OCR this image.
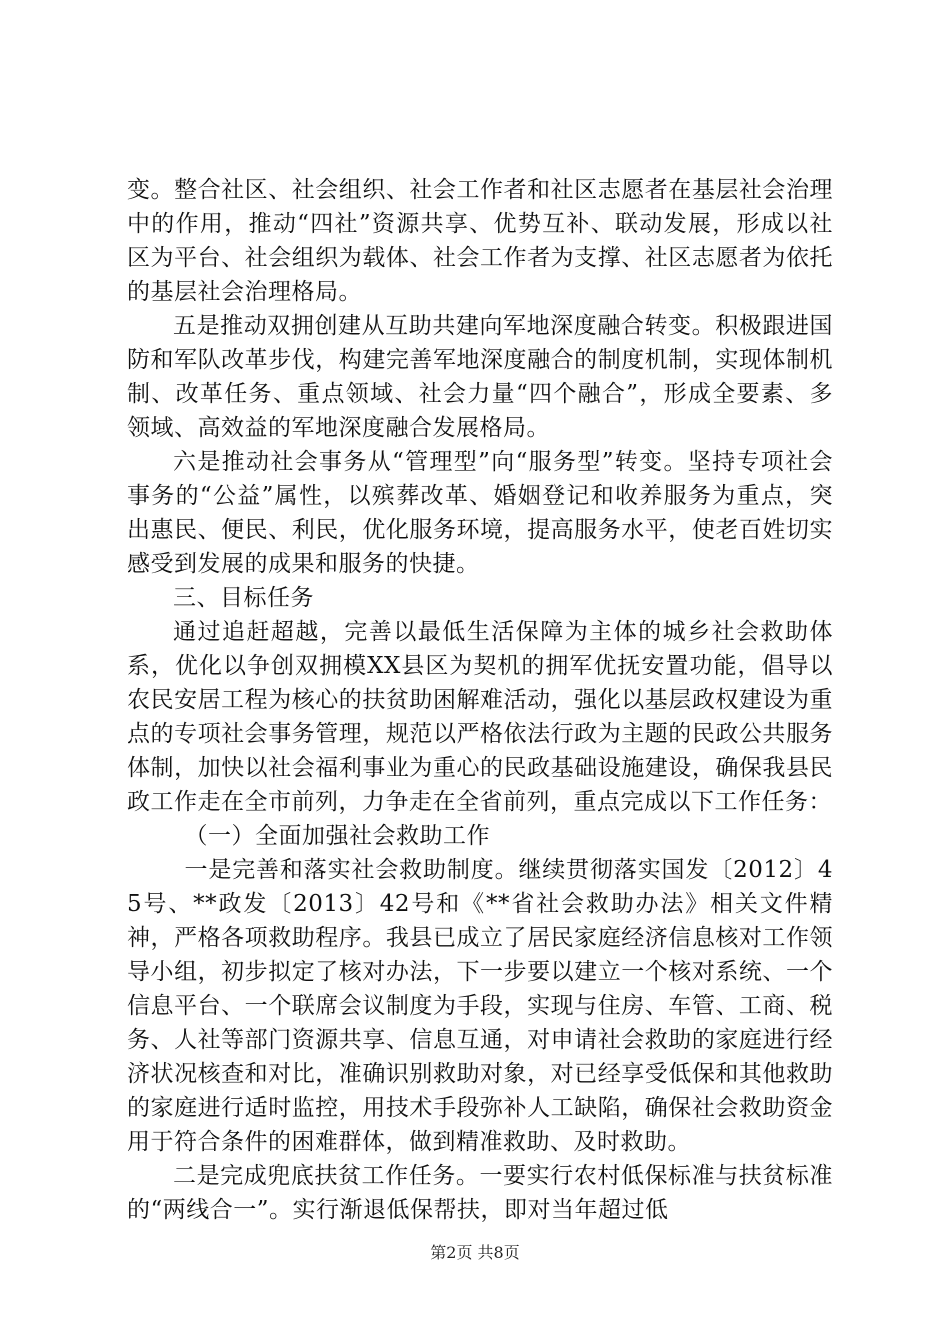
变。整合社区、社会组织、社会工作者和社区志愿者在基层社会治理中的作用，推动“四社”资源共享、优势互补、联动发展，形成以社区为平台、社会组织为载体、社会工作者为支撑、社区志愿者为依托的基层社会治理格局。

五是推动双拥创建从互助共建向军地深度融合转变。积极跟进国防和军队改革步伐，构建完善军地深度融合的制度机制，实现体制机制、改革任务、重点领域、社会力量“四个融合”，形成全要素、多领域、高效益的军地深度融合发展格局。

六是推动社会事务从“管理型”向“服务型”转变。坚持专项社会事务的“公益”属性，以殡葬改革、婚姻登记和收养服务为重点，突出惠民、便民、利民，优化服务环境，提高服务水平，使老百姓切实感受到发展的成果和服务的快捷。

三、目标任务

通过追赶超越，完善以最低生活保障为主体的城乡社会救助体系，优化以争创双拥模XX县区为契机的拥军优抚安置功能，倡导以农民安居工程为核心的扶贫助困解难活动，强化以基层政权建设为重点的专项社会事务管理，规范以严格依法行政为主题的民政公共服务体制，加快以社会福利事业为重心的民政基础设施建设，确保我县民政工作走在全市前列，力争走在全省前列，重点完成以下工作任务：

（一）全面加强社会救助工作

一是完善和落实社会救助制度。继续贯彻落实国发〔2012〕45号、**政发〔2013〕42号和《**省社会救助办法》相关文件精神，严格各项救助程序。我县已成立了居民家庭经济信息核对工作领导小组，初步拟定了核对办法，下一步要以建立一个核对系统、一个信息平台、一个联席会议制度为手段，实现与住房、车管、工商、税务、人社等部门资源共享、信息互通，对申请社会救助的家庭进行经济状况核查和对比，准确识别救助对象，对已经享受低保和其他救助的家庭进行适时监控，用技术手段弥补人工缺陷，确保社会救助资金用于符合条件的困难群体，做到精准救助、及时救助。

二是完成兜底扶贫工作任务。一要实行农村低保标准与扶贫标准的“两线合一”。实行渐退低保帮扶，即对当年超过低

第2页 共8页
